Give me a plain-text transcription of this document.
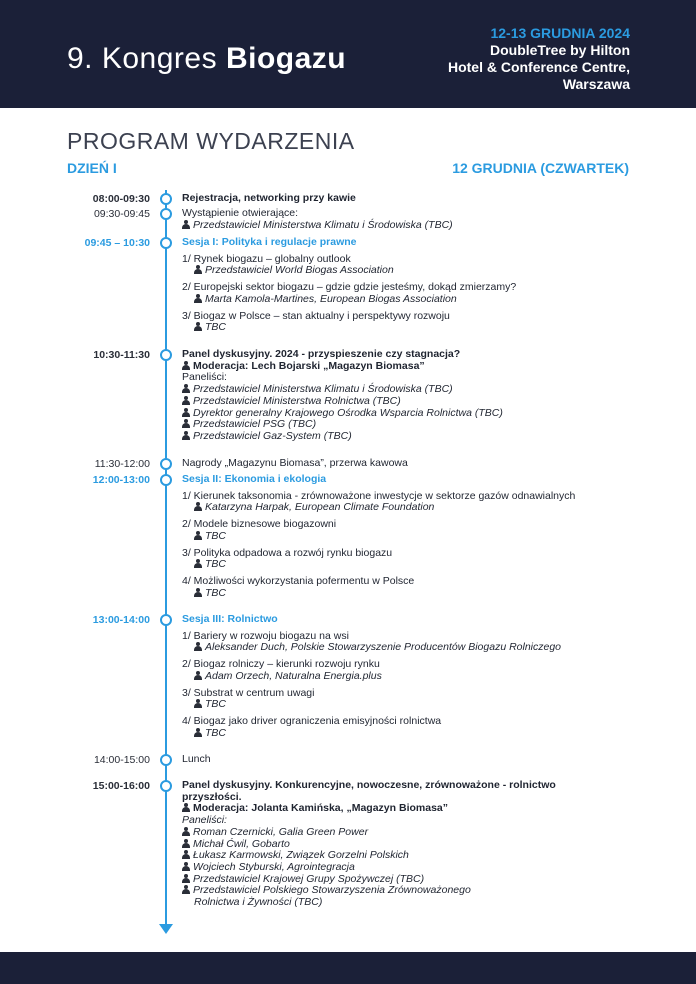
9. Kongres Biogazu
12-13 GRUDNIA 2024
DoubleTree by Hilton
Hotel & Conference Centre,
Warszawa
PROGRAM WYDARZENIA
DZIEŃ I	12 GRUDNIA (CZWARTEK)
08:00-09:30	Rejestracja, networking przy kawie
09:30-09:45	Wystąpienie otwierające:
Przedstawiciel Ministerstwa Klimatu i Środowiska (TBC)
09:45 – 10:30	Sesja I: Polityka i regulacje prawne
1/ Rynek biogazu – globalny outlook
Przedstawiciel World Biogas Association
2/ Europejski sektor biogazu – gdzie gdzie jesteśmy, dokąd zmierzamy?
Marta Kamola-Martines, European Biogas Association
3/ Biogaz w Polsce – stan aktualny i perspektywy rozwoju
TBC
10:30-11:30	Panel dyskusyjny. 2024 - przyspieszenie czy stagnacja?
Moderacja: Lech Bojarski „Magazyn Biomasa”
Paneliści:
Przedstawiciel Ministerstwa Klimatu i Środowiska (TBC)
Przedstawiciel Ministerstwa Rolnictwa (TBC)
Dyrektor generalny Krajowego Ośrodka Wsparcia Rolnictwa (TBC)
Przedstawiciel PSG (TBC)
Przedstawiciel Gaz-System (TBC)
11:30-12:00	Nagrody „Magazynu Biomasa”, przerwa kawowa
12:00-13:00	Sesja II: Ekonomia i ekologia
1/ Kierunek taksonomia - zrównoważone inwestycje w sektorze gazów odnawialnych
Katarzyna Harpak, European Climate Foundation
2/ Modele biznesowe biogazowni
TBC
3/ Polityka odpadowa a rozwój rynku biogazu
TBC
4/ Możliwości wykorzystania pofermentu w Polsce
TBC
13:00-14:00	Sesja III: Rolnictwo
1/ Bariery w rozwoju biogazu na wsi
Aleksander Duch, Polskie Stowarzyszenie Producentów Biogazu Rolniczego
2/ Biogaz rolniczy – kierunki rozwoju rynku
Adam Orzech, Naturalna Energia.plus
3/ Substrat w centrum uwagi
TBC
4/ Biogaz jako driver ograniczenia emisyjności rolnictwa
TBC
14:00-15:00	Lunch
15:00-16:00	Panel dyskusyjny. Konkurencyjne, nowoczesne, zrównoważone - rolnictwo
przyszłości.
Moderacja: Jolanta Kamińska, „Magazyn Biomasa”
Paneliści:
Roman Czernicki, Galia Green Power
Michał Ćwil, Gobarto
Łukasz Karmowski, Związek Gorzelni Polskich
Wojciech Styburski, Agrointegracja
Przedstawiciel Krajowej Grupy Spożywczej (TBC)
Przedstawiciel Polskiego Stowarzyszenia Zrównoważonego
Rolnictwa i Żywności (TBC)
